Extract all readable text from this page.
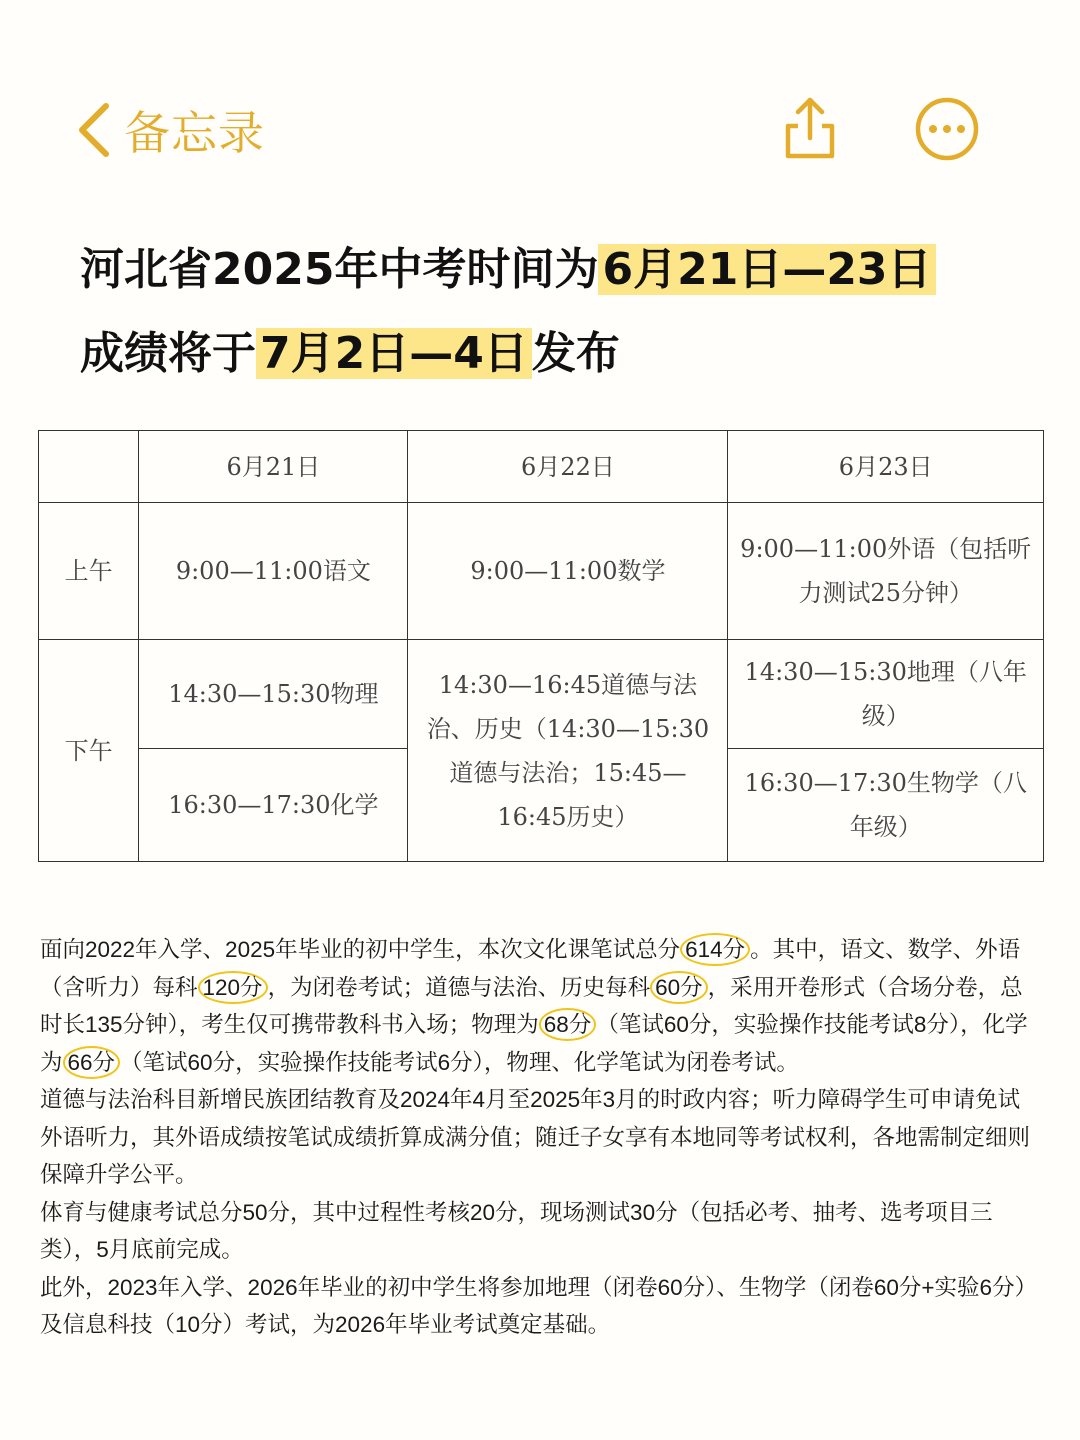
备忘录
河北省2025年中考时间为6月21日—23日
成绩将于7月2日—4日发布
	6月21日	6月22日	6月23日
上午	9:00—11:00语文	9:00—11:00数学	9:00—11:00外语（包括听力测试25分钟）
下午	14:30—15:30物理	14:30—16:45道德与法治、历史（14:30—15:30道德与法治；15:45—16:45历史）	14:30—15:30地理（八年级）
	16:30—17:30化学		16:30—17:30生物学（八年级）

面向2022年入学、2025年毕业的初中学生，本次文化课笔试总分 614分 。其中，语文、数学、外语（含听力）每科 120分 ，为闭卷考试；道德与法治、历史每科 60分 ，采用开卷形式（合场分卷，总时长135分钟），考生仅可携带教科书入场；物理为 68分 （笔试60分，实验操作技能考试8分），化学为 66分 （笔试60分，实验操作技能考试6分），物理、化学笔试为闭卷考试。

道德与法治科目新增民族团结教育及2024年4月至2025年3月的时政内容；听力障碍学生可申请免试外语听力，其外语成绩按笔试成绩折算成满分值；随迁子女享有本地同等考试权利，各地需制定细则保障升学公平。

体育与健康考试总分50分，其中过程性考核20分，现场测试30分（包括必考、抽考、选考项目三类），5月底前完成。

此外，2023年入学、2026年毕业的初中学生将参加地理（闭卷60分）、生物学（闭卷60分+实验6分）及信息科技（10分）考试，为2026年毕业考试奠定基础。
